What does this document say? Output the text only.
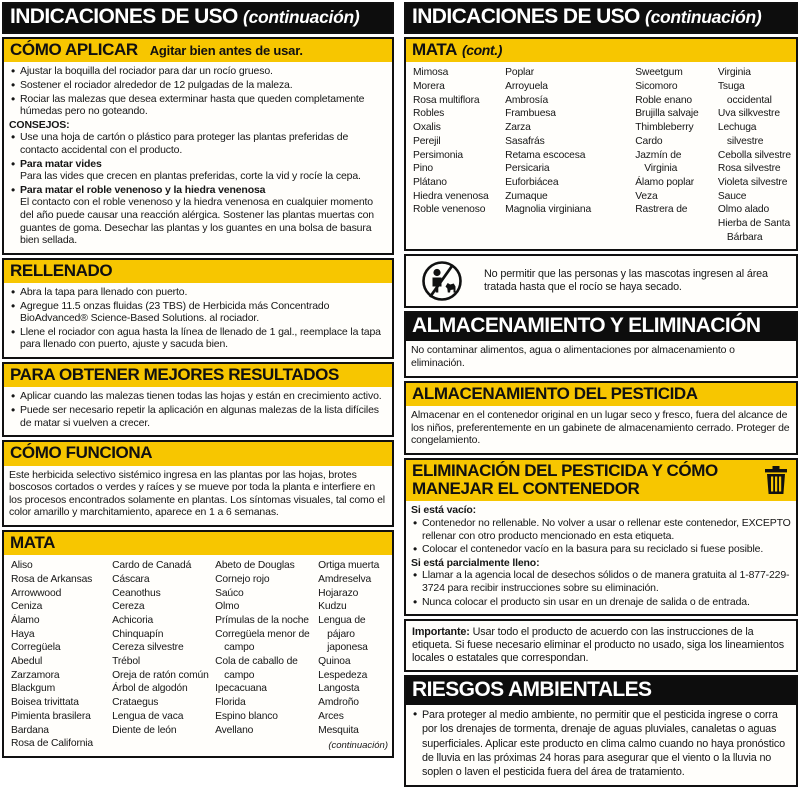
INDICACIONES DE USO (continuación)
CÓMO APLICAR Agitar bien antes de usar.
• Ajustar la boquilla del rociador para dar un rocío grueso.
• Sostener el rociador alrededor de 12 pulgadas de la maleza.
• Rociar las malezas que desea exterminar hasta que queden completamente húmedas pero no goteando.
CONSEJOS:
• Use una hoja de cartón o plástico para proteger las plantas preferidas de contacto accidental con el producto.
• Para matar vides
Para las vides que crecen en plantas preferidas, corte la vid y rocíe la cepa.
• Para matar el roble venenoso y la hiedra venenosa
El contacto con el roble venenoso y la hiedra venenosa en cualquier momento del año puede causar una reacción alérgica. Sostener las plantas muertas con guantes de goma. Desechar las plantas y los guantes en una bolsa de basura bien sellada.
RELLENADO
• Abra la tapa para llenado con puerto.
• Agregue 11.5 onzas fluidas (23 TBS) de Herbicida más Concentrado BioAdvanced® Science-Based Solutions. al rociador.
• Llene el rociador con agua hasta la línea de llenado de 1 gal., reemplace la tapa para llenado con puerto, ajuste y sacuda bien.
PARA OBTENER MEJORES RESULTADOS
• Aplicar cuando las malezas tienen todas las hojas y están en crecimiento activo.
• Puede ser necesario repetir la aplicación en algunas malezas de la lista difíciles de matar si vuelven a crecer.
CÓMO FUNCIONA
Este herbicida selectivo sistémico ingresa en las plantas por las hojas, brotes boscosos cortados o verdes y raíces y se mueve por toda la planta e interfiere en los procesos encontrados solamente en plantas. Los síntomas visuales, tal como el color amarillo y marchitamiento, aparece en 1 a 6 semanas.
MATA
Aliso
Rosa de Arkansas
Arrowwood
Ceniza
Álamo
Haya
Corregüela
Abedul
Zarzamora
Blackgum
Boisea trivittata
Pimienta brasilera
Bardana
Rosa de California
Cardo de Canadá
Cáscara
Ceanothus
Cereza
Achicoria
Chinquapín
Cereza silvestre
Trébol
Oreja de ratón común
Árbol de algodón
Crataegus
Lengua de vaca
Diente de león
Abeto de Douglas
Cornejo rojo
Saúco
Olmo
Prímulas de la noche
Corregüela menor de campo
Cola de caballo de campo
Ipecacuana
Florida
Espino blanco
Avellano
Ortiga muerta
Amdreselva
Hojarazo
Kudzu
Lengua de pájaro japonesa
Quinoa
Lespedeza
Langosta
Amdroño
Arces
Mesquita
(continuación)
INDICACIONES DE USO (continuación)
MATA (cont.)
Mimosa
Morera
Rosa multiflora
Robles
Oxalis
Perejil
Persimonia
Pino
Plátano
Hiedra venenosa
Roble venenoso
Poplar
Arroyuela
Ambrosía
Frambuesa
Zarza
Sasafrás
Retama escocesa
Persicaria
Euforbiácea
Zumaque
Magnolia virginiana
Sweetgum
Sicomoro
Roble enano
Brujilla salvaje
Thimbleberry
Cardo
Jazmín de Virginia
Álamo poplar
Veza
Rastrera de
Virginia
Tsuga occidental
Uva silkvestre
Lechuga silvestre
Cebolla silvestre
Rosa silvestre
Violeta silvestre
Sauce
Olmo alado
Hierba de Santa Bárbara
No permitir que las personas y las mascotas ingresen al área tratada hasta que el rocío se haya secado.
ALMACENAMIENTO Y ELIMINACIÓN
No contaminar alimentos, agua o alimentaciones por almacenamiento o eliminación.
ALMACENAMIENTO DEL PESTICIDA
Almacenar en el contenedor original en un lugar seco y fresco, fuera del alcance de los niños, preferentemente en un gabinete de almacenamiento cerrado. Proteger de congelamiento.
ELIMINACIÓN DEL PESTICIDA Y CÓMO MANEJAR EL CONTENEDOR
Si está vacío:
• Contenedor no rellenable. No volver a usar o rellenar este contenedor, EXCEPTO rellenar con otro producto mencionado en esta etiqueta.
• Colocar el contenedor vacío en la basura para su reciclado si fuese posible.
Si está parcialmente lleno:
• Llamar a la agencia local de desechos sólidos o de manera gratuita al 1-877-229-3724 para recibir instrucciones sobre su eliminación.
• Nunca colocar el producto sin usar en un drenaje de salida o de entrada.
Importante: Usar todo el producto de acuerdo con las instrucciones de la etiqueta. Si fuese necesario eliminar el producto no usado, siga los lineamientos locales o estatales que correspondan.
RIESGOS AMBIENTALES
• Para proteger al medio ambiente, no permitir que el pesticida ingrese o corra por los drenajes de tormenta, drenaje de aguas pluviales, canaletas o aguas superficiales. Aplicar este producto en clima calmo cuando no haya pronóstico de lluvia en las próximas 24 horas para asegurar que el viento o la lluvia no soplen o laven el pesticida fuera del área de tratamiento.
